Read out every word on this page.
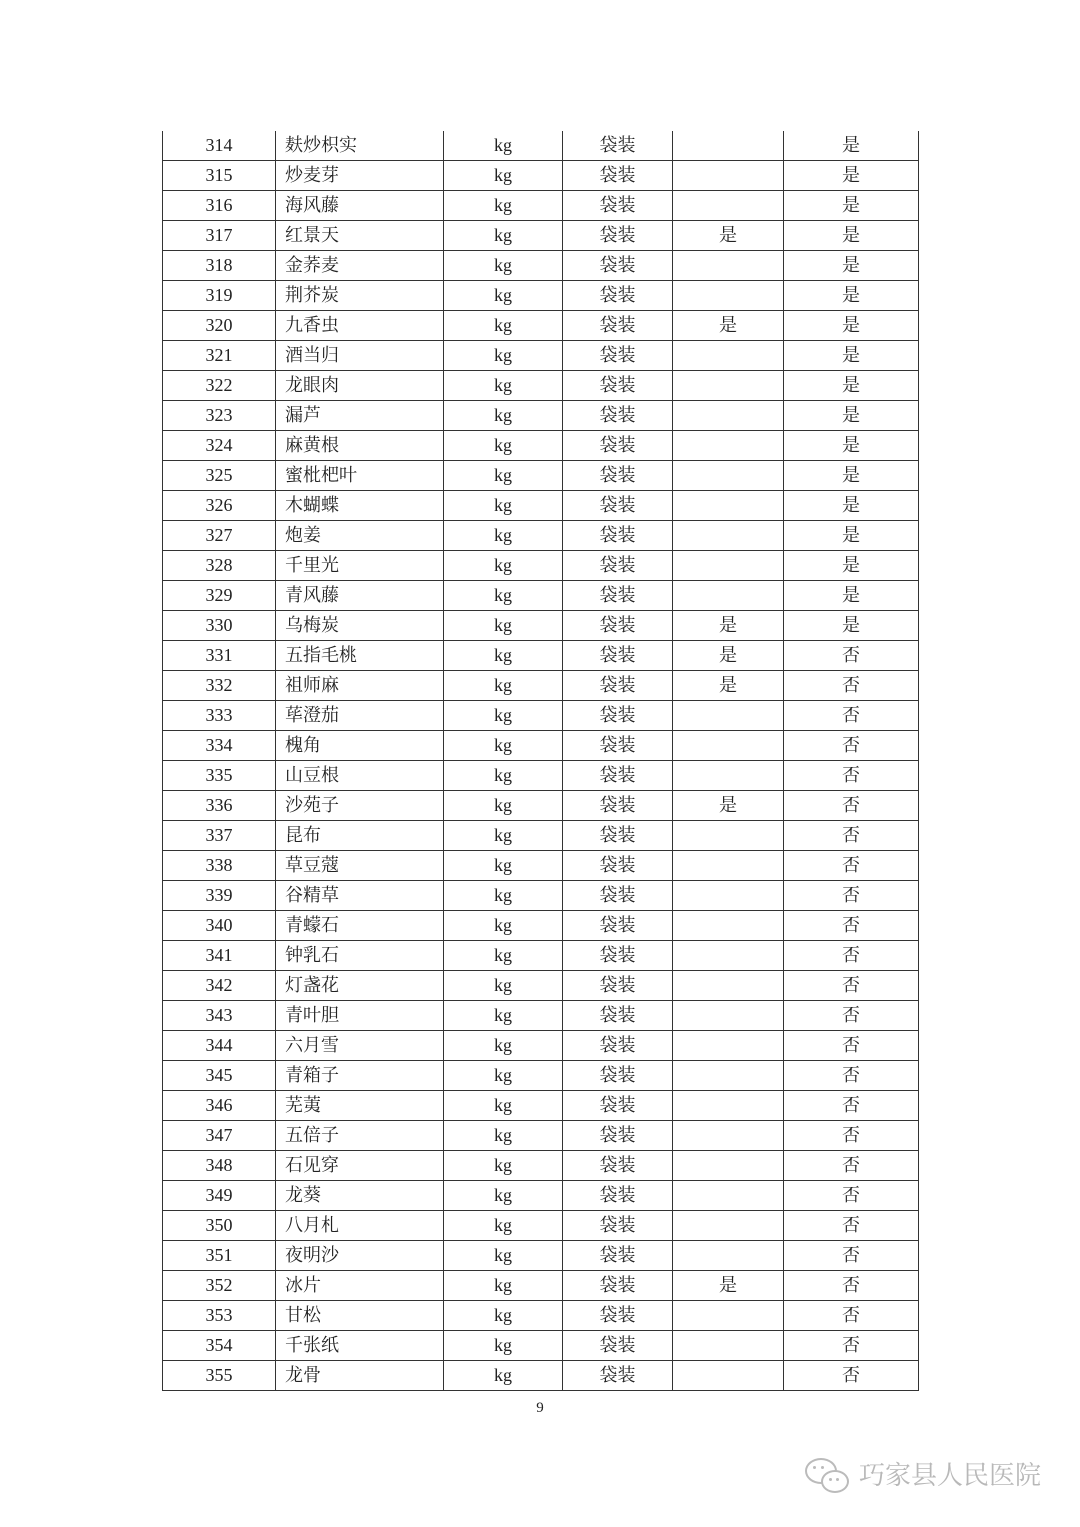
314	麸炒枳实	kg	袋装		是
315	炒麦芽	kg	袋装		是
316	海风藤	kg	袋装		是
317	红景天	kg	袋装	是	是
318	金荞麦	kg	袋装		是
319	荆芥炭	kg	袋装		是
320	九香虫	kg	袋装	是	是
321	酒当归	kg	袋装		是
322	龙眼肉	kg	袋装		是
323	漏芦	kg	袋装		是
324	麻黄根	kg	袋装		是
325	蜜枇杷叶	kg	袋装		是
326	木蝴蝶	kg	袋装		是
327	炮姜	kg	袋装		是
328	千里光	kg	袋装		是
329	青风藤	kg	袋装		是
330	乌梅炭	kg	袋装	是	是
331	五指毛桃	kg	袋装	是	否
332	祖师麻	kg	袋装	是	否
333	荜澄茄	kg	袋装		否
334	槐角	kg	袋装		否
335	山豆根	kg	袋装		否
336	沙苑子	kg	袋装	是	否
337	昆布	kg	袋装		否
338	草豆蔻	kg	袋装		否
339	谷精草	kg	袋装		否
340	青蠓石	kg	袋装		否
341	钟乳石	kg	袋装		否
342	灯盏花	kg	袋装		否
343	青叶胆	kg	袋装		否
344	六月雪	kg	袋装		否
345	青箱子	kg	袋装		否
346	芜荑	kg	袋装		否
347	五倍子	kg	袋装		否
348	石见穿	kg	袋装		否
349	龙葵	kg	袋装		否
350	八月札	kg	袋装		否
351	夜明沙	kg	袋装		否
352	冰片	kg	袋装	是	否
353	甘松	kg	袋装		否
354	千张纸	kg	袋装		否
355	龙骨	kg	袋装		否
9
巧家县人民医院
